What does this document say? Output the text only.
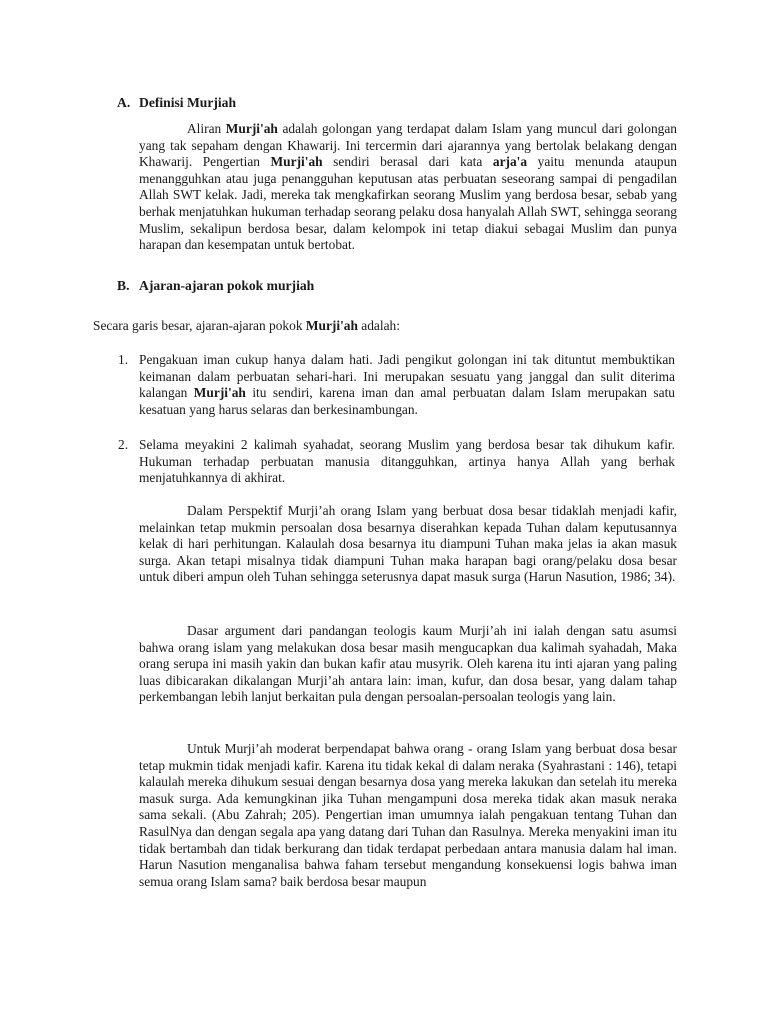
A. Definisi Murjiah
Aliran Murji'ah adalah golongan yang terdapat dalam Islam yang muncul dari golongan yang tak sepaham dengan Khawarij. Ini tercermin dari ajarannya yang bertolak belakang dengan Khawarij. Pengertian Murji'ah sendiri berasal dari kata arja'a yaitu menunda ataupun menangguhkan atau juga penangguhan keputusan atas perbuatan seseorang sampai di pengadilan Allah SWT kelak. Jadi, mereka tak mengkafirkan seorang Muslim yang berdosa besar, sebab yang berhak menjatuhkan hukuman terhadap seorang pelaku dosa hanyalah Allah SWT, sehingga seorang Muslim, sekalipun berdosa besar, dalam kelompok ini tetap diakui sebagai Muslim dan punya harapan dan kesempatan untuk bertobat.
B. Ajaran-ajaran pokok murjiah
Secara garis besar, ajaran-ajaran pokok Murji'ah adalah:
1. Pengakuan iman cukup hanya dalam hati. Jadi pengikut golongan ini tak dituntut membuktikan keimanan dalam perbuatan sehari-hari. Ini merupakan sesuatu yang janggal dan sulit diterima kalangan Murji'ah itu sendiri, karena iman dan amal perbuatan dalam Islam merupakan satu kesatuan yang harus selaras dan berkesinambungan.
2. Selama meyakini 2 kalimah syahadat, seorang Muslim yang berdosa besar tak dihukum kafir. Hukuman terhadap perbuatan manusia ditangguhkan, artinya hanya Allah yang berhak menjatuhkannya di akhirat.
Dalam Perspektif Murji’ah orang Islam yang berbuat dosa besar tidaklah menjadi kafir, melainkan tetap mukmin persoalan dosa besarnya diserahkan kepada Tuhan dalam keputusannya kelak di hari perhitungan. Kalaulah dosa besarnya itu diampuni Tuhan maka jelas ia akan masuk surga. Akan tetapi misalnya tidak diampuni Tuhan maka harapan bagi orang/pelaku dosa besar untuk diberi ampun oleh Tuhan sehingga seterusnya dapat masuk surga (Harun Nasution, 1986; 34).
Dasar argument dari pandangan teologis kaum Murji’ah ini ialah dengan satu asumsi bahwa orang islam yang melakukan dosa besar masih mengucapkan dua kalimah syahadah, Maka orang serupa ini masih yakin dan bukan kafir atau musyrik. Oleh karena itu inti ajaran yang paling luas dibicarakan dikalangan Murji’ah antara lain: iman, kufur, dan dosa besar, yang dalam tahap perkembangan lebih lanjut berkaitan pula dengan persoalan-persoalan teologis yang lain.
Untuk Murji’ah moderat berpendapat bahwa orang - orang Islam yang berbuat dosa besar tetap mukmin tidak menjadi kafir. Karena itu tidak kekal di dalam neraka (Syahrastani : 146), tetapi kalaulah mereka dihukum sesuai dengan besarnya dosa yang mereka lakukan dan setelah itu mereka masuk surga. Ada kemungkinan jika Tuhan mengampuni dosa mereka tidak akan masuk neraka sama sekali. (Abu Zahrah; 205). Pengertian iman umumnya ialah pengakuan tentang Tuhan dan RasulNya dan dengan segala apa yang datang dari Tuhan dan Rasulnya. Mereka menyakini iman itu tidak bertambah dan tidak berkurang dan tidak terdapat perbedaan antara manusia dalam hal iman. Harun Nasution menganalisa bahwa faham tersebut mengandung konsekuensi logis bahwa iman semua orang Islam sama? baik berdosa besar maupun
